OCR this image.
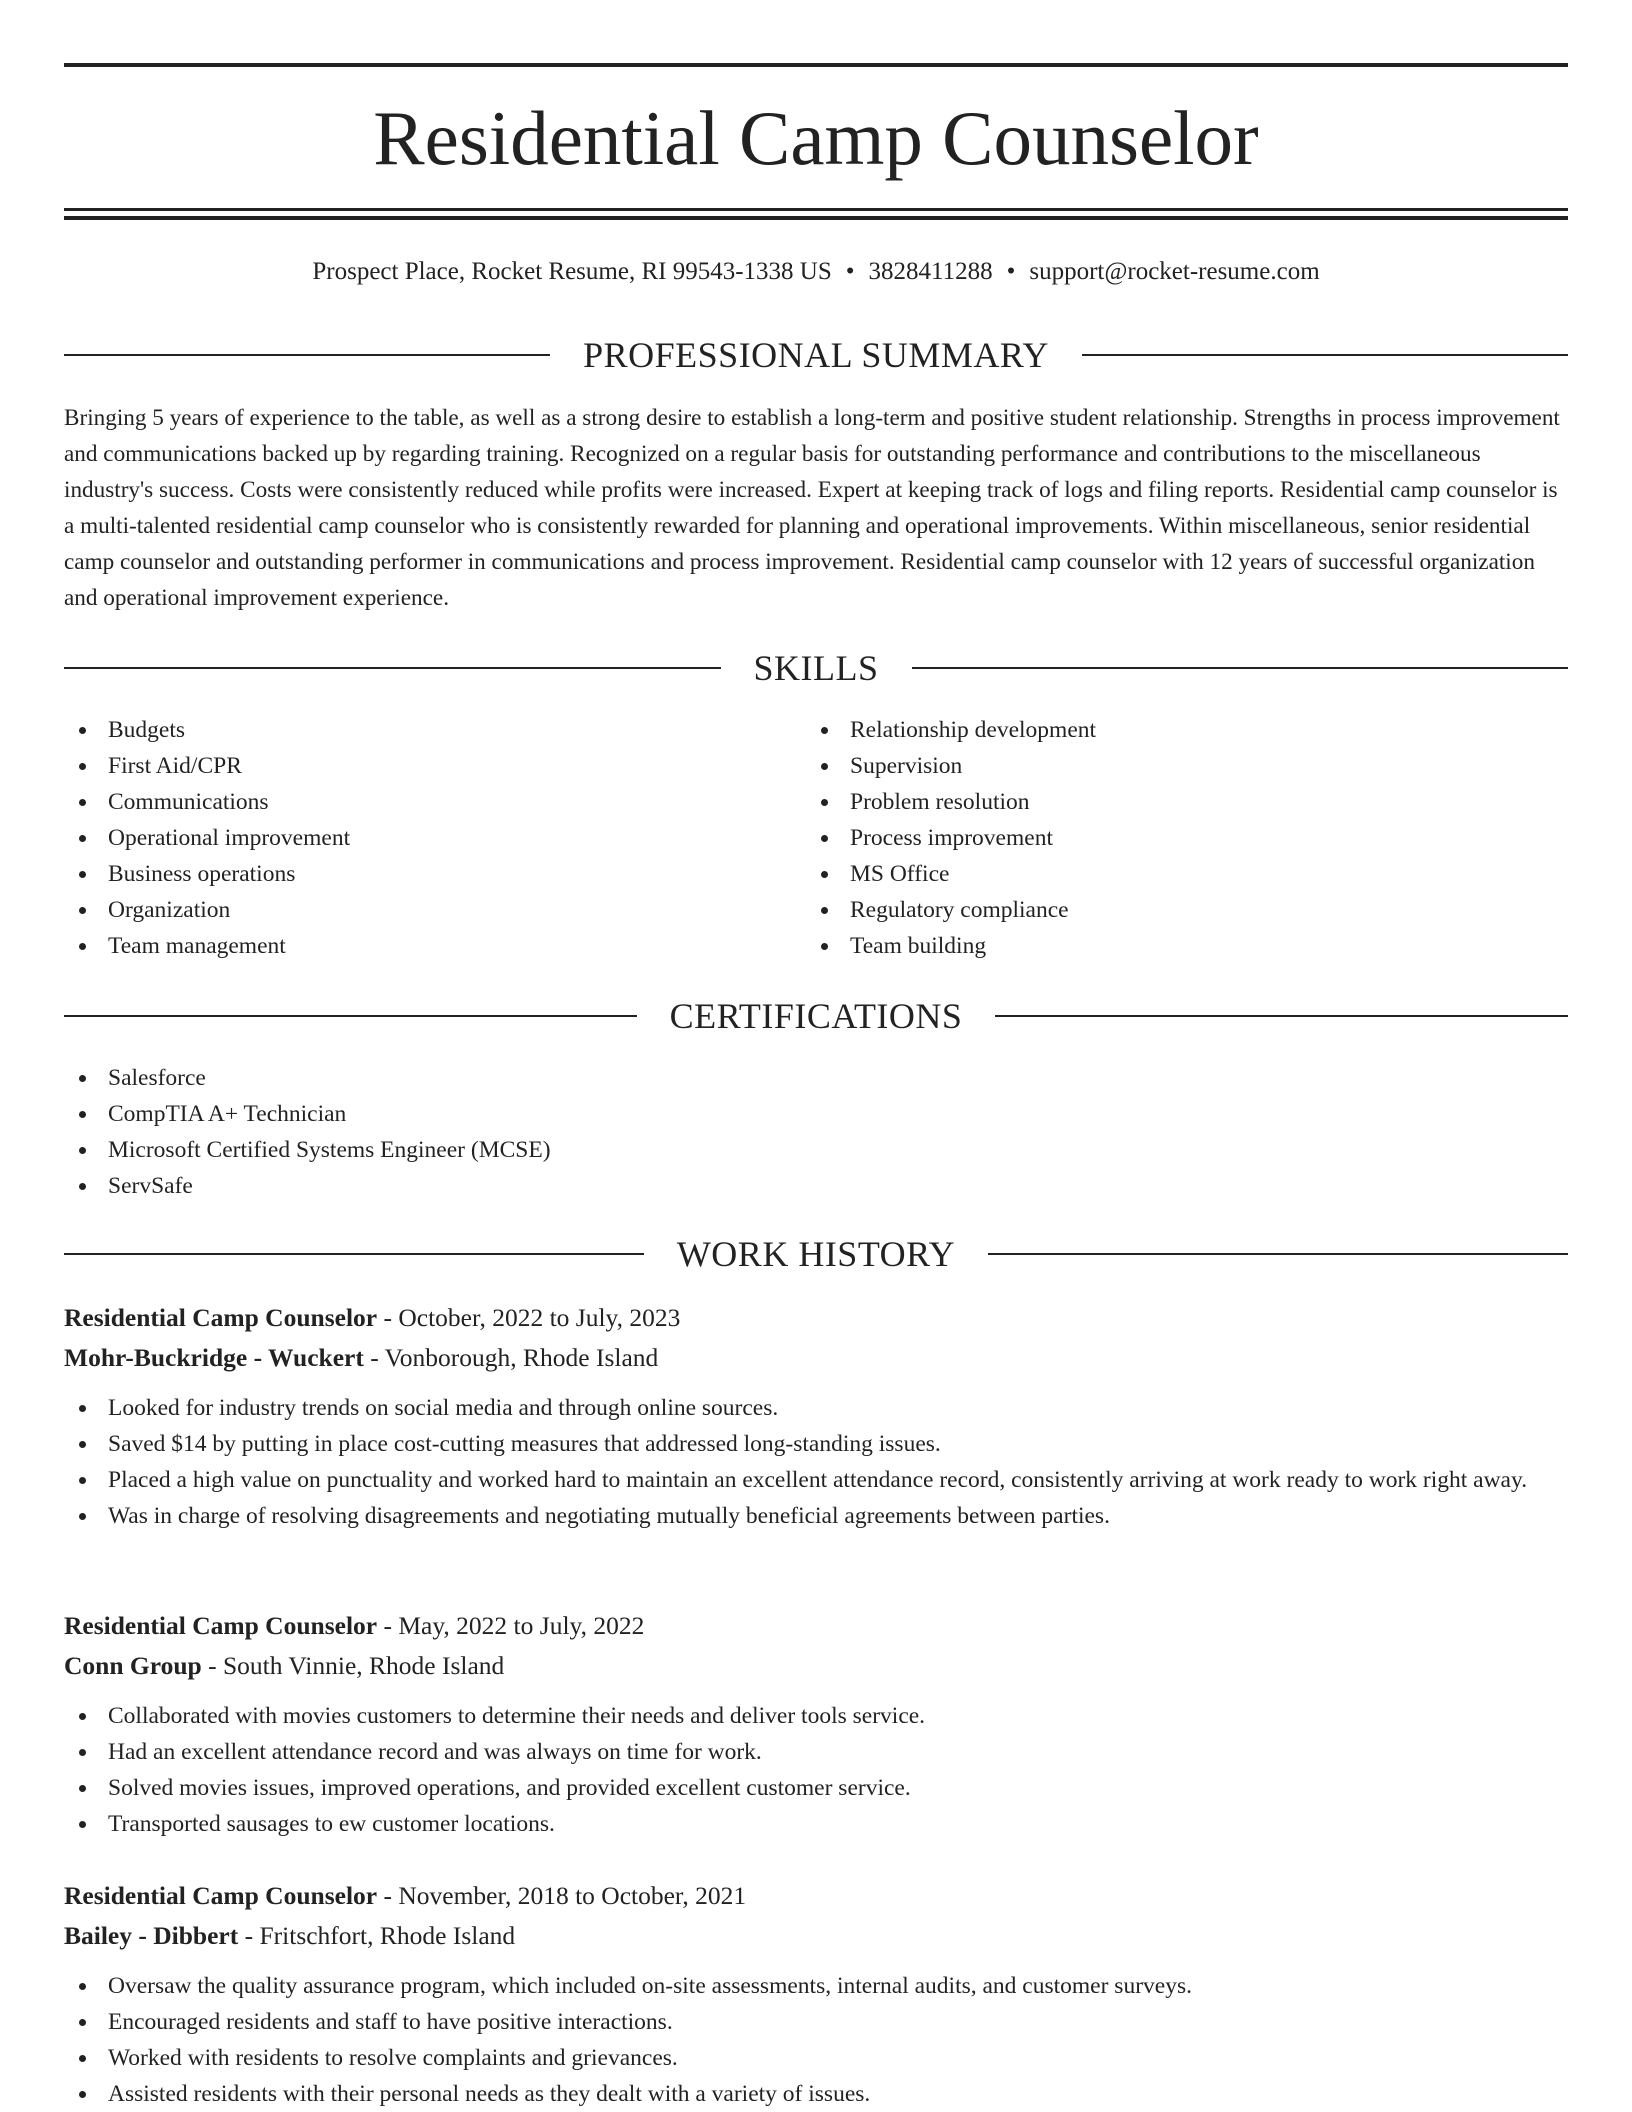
Residential Camp Counselor
Prospect Place, Rocket Resume, RI 99543-1338 US • 3828411288 • support@rocket-resume.com
PROFESSIONAL SUMMARY

Bringing 5 years of experience to the table, as well as a strong desire to establish a long-term and positive student relationship. Strengths in process improvement and communications backed up by regarding training. Recognized on a regular basis for outstanding performance and contributions to the miscellaneous industry's success. Costs were consistently reduced while profits were increased. Expert at keeping track of logs and filing reports. Residential camp counselor is a multi-talented residential camp counselor who is consistently rewarded for planning and operational improvements. Within miscellaneous, senior residential camp counselor and outstanding performer in communications and process improvement. Residential camp counselor with 12 years of successful organization and operational improvement experience.

SKILLS
Budgets
First Aid/CPR
Communications
Operational improvement
Business operations
Organization
Team management
Relationship development
Supervision
Problem resolution
Process improvement
MS Office
Regulatory compliance
Team building
CERTIFICATIONS
Salesforce
CompTIA A+ Technician
Microsoft Certified Systems Engineer (MCSE)
ServSafe
WORK HISTORY
Residential Camp Counselor - October, 2022 to July, 2023
Mohr-Buckridge - Wuckert - Vonborough, Rhode Island
Looked for industry trends on social media and through online sources.
Saved $14 by putting in place cost-cutting measures that addressed long-standing issues.
Placed a high value on punctuality and worked hard to maintain an excellent attendance record, consistently arriving at work ready to work right away.
Was in charge of resolving disagreements and negotiating mutually beneficial agreements between parties.
Residential Camp Counselor - May, 2022 to July, 2022
Conn Group - South Vinnie, Rhode Island
Collaborated with movies customers to determine their needs and deliver tools service.
Had an excellent attendance record and was always on time for work.
Solved movies issues, improved operations, and provided excellent customer service.
Transported sausages to ew customer locations.
Residential Camp Counselor - November, 2018 to October, 2021
Bailey - Dibbert - Fritschfort, Rhode Island
Oversaw the quality assurance program, which included on-site assessments, internal audits, and customer surveys.
Encouraged residents and staff to have positive interactions.
Worked with residents to resolve complaints and grievances.
Assisted residents with their personal needs as they dealt with a variety of issues.
